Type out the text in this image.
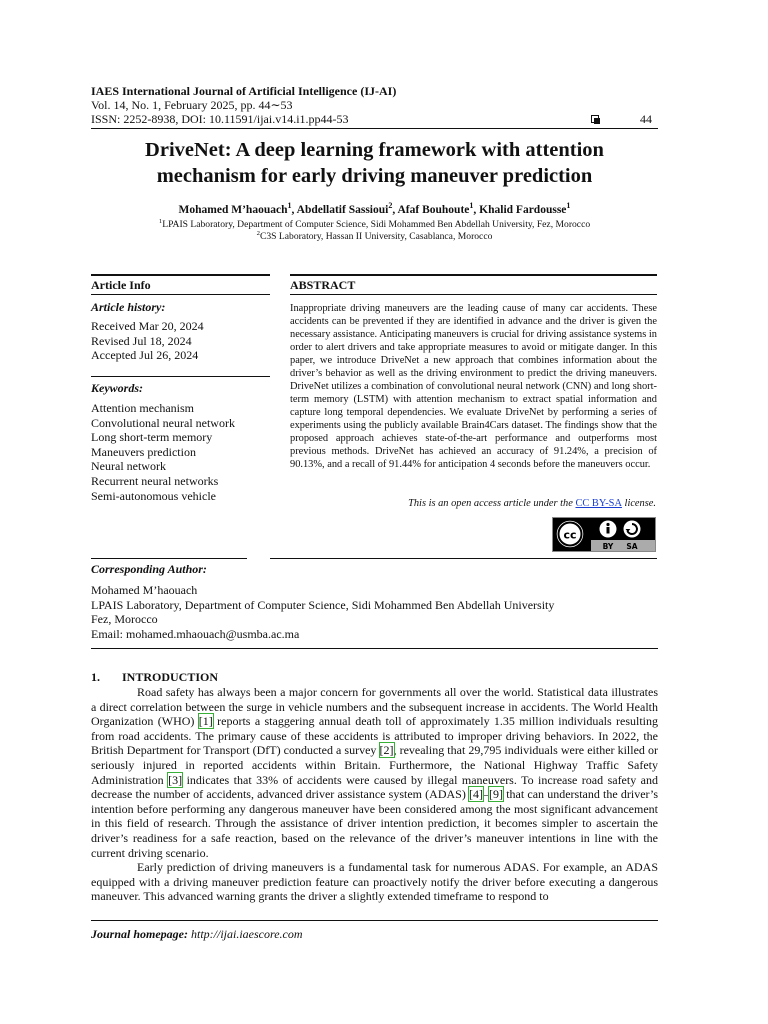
IAES International Journal of Artificial Intelligence (IJ-AI)
Vol. 14, No. 1, February 2025, pp. 44∼53
ISSN: 2252-8938, DOI: 10.11591/ijai.v14.i1.pp44-53	44
DriveNet: A deep learning framework with attention
mechanism for early driving maneuver prediction
Mohamed M’haouach$^1$, Abdellatif Sassioui$^2$, Afaf Bouhoute$^1$, Khalid Fardousse$^1$
$^1$LPAIS Laboratory, Department of Computer Science, Sidi Mohammed Ben Abdellah University, Fez, Morocco
$^2$C3S Laboratory, Hassan II University, Casablanca, Morocco
Article Info
Article history:
Received Mar 20, 2024
Revised Jul 18, 2024
Accepted Jul 26, 2024
Keywords:
Attention mechanism
Convolutional neural network
Long short-term memory
Maneuvers prediction
Neural network
Recurrent neural networks
Semi-autonomous vehicle
ABSTRACT
Inappropriate driving maneuvers are the leading cause of many car accidents. These accidents can be prevented if they are identified in advance and the driver is given the necessary assistance. Anticipating maneuvers is crucial for driving assistance systems in order to alert drivers and take appropriate measures to avoid or mitigate danger. In this paper, we introduce DriveNet a new approach that combines information about the driver’s behavior as well as the driving environment to predict the driving maneuvers. DriveNet utilizes a combination of convolutional neural network (CNN) and long short-term memory (LSTM) with attention mechanism to extract spatial information and capture long temporal dependencies. We evaluate DriveNet by performing a series of experiments using the publicly available Brain4Cars dataset. The findings show that the proposed approach achieves state-of-the-art performance and outperforms most previous methods. DriveNet has achieved an accuracy of 91.24%, a precision of 90.13%, and a recall of 91.44% for anticipation 4 seconds before the maneuvers occur.
This is an open access article under the CC BY-SA license.
cc
BY SA
Corresponding Author:
Mohamed M’haouach
LPAIS Laboratory, Department of Computer Science, Sidi Mohammed Ben Abdellah University
Fez, Morocco
Email: mohamed.mhaouach@usmba.ac.ma
1. INTRODUCTION

Road safety has always been a major concern for governments all over the world. Statistical data illustrates a direct correlation between the surge in vehicle numbers and the subsequent increase in accidents. The World Health Organization (WHO) [1] reports a staggering annual death toll of approximately 1.35 million individuals resulting from road accidents. The primary cause of these accidents is attributed to improper driving behaviors. In 2022, the British Department for Transport (DfT) conducted a survey [2], revealing that 29,795 individuals were either killed or seriously injured in reported accidents within Britain. Furthermore, the National Highway Traffic Safety Administration [3] indicates that 33% of accidents were caused by illegal maneuvers. To increase road safety and decrease the number of accidents, advanced driver assistance system (ADAS) [4]–[9] that can understand the driver’s intention before performing any dangerous maneuver have been considered among the most significant advancement in this field of research. Through the assistance of driver intention prediction, it becomes simpler to ascertain the driver’s readiness for a safe reaction, based on the relevance of the driver’s maneuver intentions in line with the current driving scenario.

Early prediction of driving maneuvers is a fundamental task for numerous ADAS. For example, an ADAS equipped with a driving maneuver prediction feature can proactively notify the driver before executing a dangerous maneuver. This advanced warning grants the driver a slightly extended timeframe to respond to

Journal homepage: http://ijai.iaescore.com
